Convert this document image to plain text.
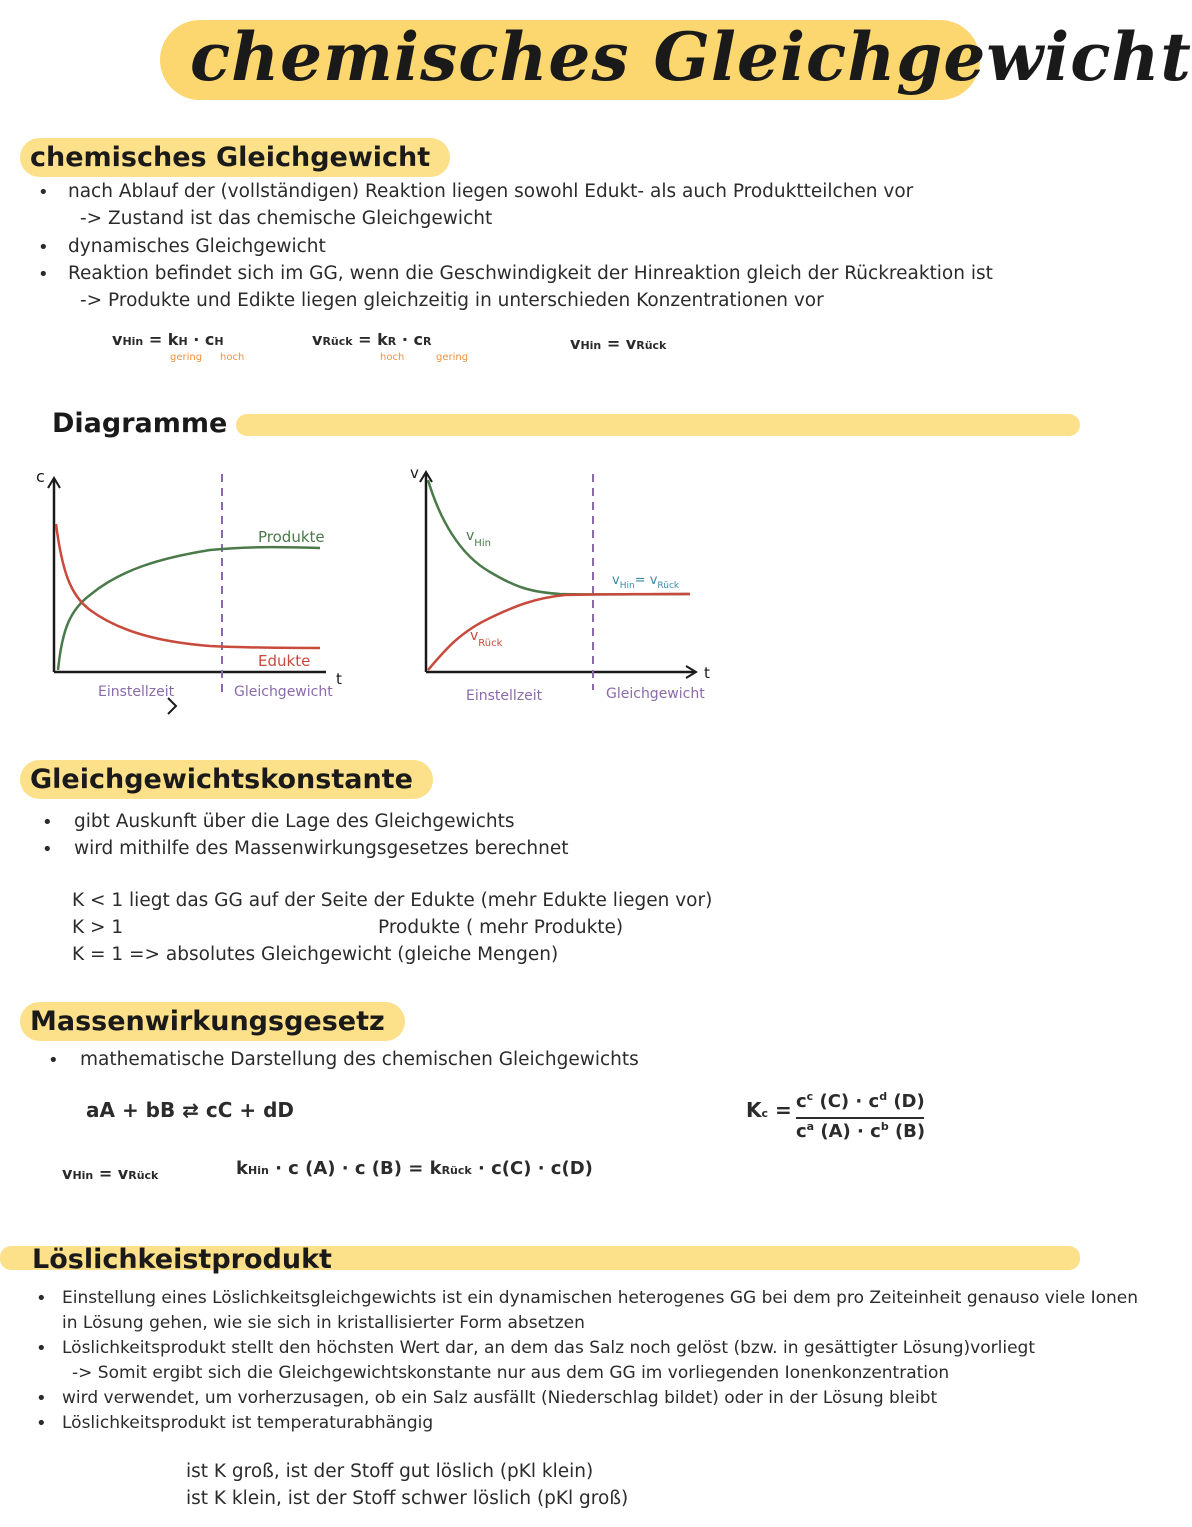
chemisches Gleichgewicht
chemisches Gleichgewicht
• nach Ablauf der (vollständigen) Reaktion liegen sowohl Edukt- als auch Produktteilchen vor
-> Zustand ist das chemische Gleichgewicht
• dynamisches Gleichgewicht
• Reaktion befindet sich im GG, wenn die Geschwindigkeit der Hinreaktion gleich der Rückreaktion ist
-> Produkte und Edikte liegen gleichzeitig in unterschieden Konzentrationen vor
vHin = kH · cH
gering hoch
vRück = kR · cR
hoch	gering
vHin = vRück
Diagramme
c
t
Produkte
Edukte
Einstellzeit	Gleichgewicht
v
t
$v_{Hin}$
$v_{Rück}$
$v_{Hin}= v_{Rück}$
Einstellzeit	Gleichgewicht
Gleichgewichtskonstante
• gibt Auskunft über die Lage des Gleichgewichts
• wird mithilfe des Massenwirkungsgesetzes berechnet
K < 1 liegt das GG auf der Seite der Edukte (mehr Edukte liegen vor)
K > 1	Produkte ( mehr Produkte)
K = 1 => absolutes Gleichgewicht (gleiche Mengen)
Massenwirkungsgesetz
• mathematische Darstellung des chemischen Gleichgewichts
aA + bB ⇄ cC + dD	$Kc = c^c$ $(C) \cdot c^d$ (D)
$c^a$ $(A) \cdot c^b$ (B)
vHin = vRück	kHin · c (A) · c (B) = kRück · c(C) · c(D)
Löslichkeistprodukt
• Einstellung eines Löslichkeitsgleichgewichts ist ein dynamischen heterogenes GG bei dem pro Zeiteinheit genauso viele Ionen
in Lösung gehen, wie sie sich in kristallisierter Form absetzen
• Löslichkeitsprodukt stellt den höchsten Wert dar, an dem das Salz noch gelöst (bzw. in gesättigter Lösung)vorliegt
-> Somit ergibt sich die Gleichgewichtskonstante nur aus dem GG im vorliegenden Ionenkonzentration
• wird verwendet, um vorherzusagen, ob ein Salz ausfällt (Niederschlag bildet) oder in der Lösung bleibt
• Löslichkeitsprodukt ist temperaturabhängig
ist K groß, ist der Stoff gut löslich (pKl klein)
ist K klein, ist der Stoff schwer löslich (pKl groß)
